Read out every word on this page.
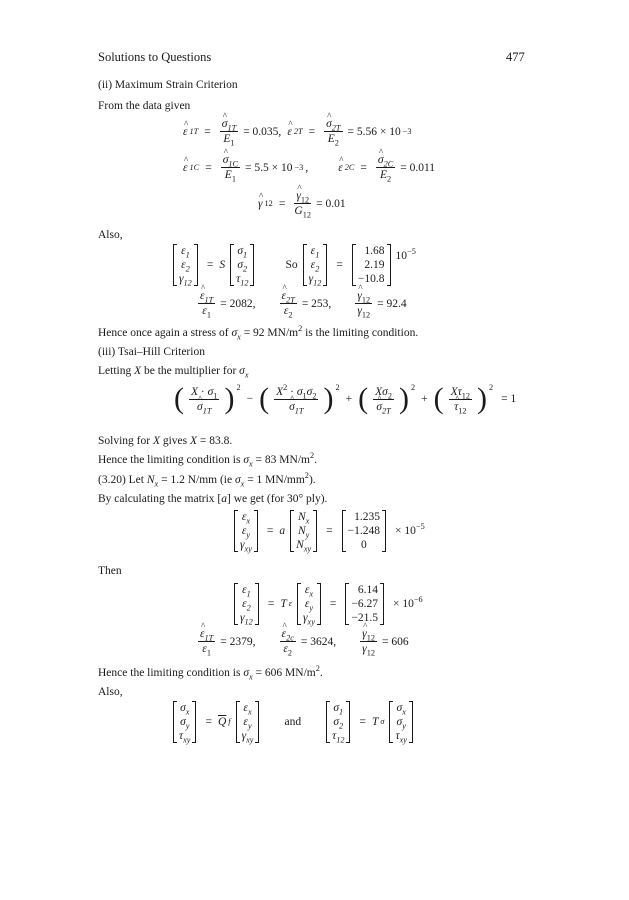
Solutions to Questions	477
(ii) Maximum Strain Criterion
From the data given
^ ε 1T = ^ $\frac{\sigma_{1T}}{E_1} = 0.035$, ^ ε 2T = ^ $\frac{\sigma_{2T}}{E_2} = 5.56 \times 10 -3$
^ ε 1C = ^ $\frac{\sigma_{1C}}{E_1} = 5.5 \times 10 -3$ ,	^ ε 2C = ^ $\frac{\sigma_{2C}}{E_2} = 0.011$
^ γ 12 = ^ $\frac{\gamma_{12}}{G_{12}} = 0.01$
Also,
$\varepsilon_1$
$\varepsilon_2$
$\gamma_{12}$
= S
$\sigma_1$
$\sigma_2$
$\tau_{12}$
So
$\varepsilon_1$
$\varepsilon_2$
$\gamma_{12}$
=
1.68
2.19
−10.8
$10^{-5}$
^ $\frac{\varepsilon_{1T}}{\varepsilon_1} = 2082$, ^ $\frac{\varepsilon_{2T}}{\varepsilon_2} = 253$, ^ $\frac{\gamma_{12}}{\gamma_{12}} = 92.4$
Hence once again a stress of $\sigma_x = 92$ $MN/m^2$ is the limiting condition.
(iii) Tsai–Hill Criterion
Letting X be the multiplier for $\sigma_x$
( $X \cdot \sigma_1$
^ $\sigma_{1T}$ ) 2
− ( $X^2 \cdot \sigma_1\sigma_2$
^ $\sigma_{1T}$ ) 2
+ ( $X\sigma_2$
^ $\sigma_{2T}$ ) 2
+ ( $X\tau_{12}$
^ $\tau_{12}$ ) 2
= 1
Solving for X gives X = 83.8.
Hence the limiting condition is $\sigma_x = 83$ $MN/m^2$.
(3.20) Let $N_x = 1.2$ N/mm (ie $\sigma_x = 1$ $MN/mm^2$).
By calculating the matrix [a] we get (for 30° ply).
$\varepsilon_x$
$\varepsilon_y$
$\gamma_{xy}$
= a
$N_x$
$N_y$
$N_{xy}$
=
1.235
−1.248
0
× $10^{-5}$
Then
$\varepsilon_1$
$\varepsilon_2$
$\gamma_{12}$
= T ε
$\varepsilon_x$
$\varepsilon_y$
$\gamma_{xy}$
=
6.14
−6.27
−21.5
× $10^{-6}$
^ $\frac{\varepsilon_{1T}}{\varepsilon_1} = 2379$, ^ $\frac{\varepsilon_{2c}}{\varepsilon_2} = 3624$, ^ $\frac{\gamma_{12}}{\gamma_{12}} = 606$
Hence the limiting condition is $\sigma_x = 606$ $MN/m^2$.
Also,
$\sigma_x$
$\sigma_y$
$\tau_{xy}$
= $\overline{Q}$ f
$\varepsilon_x$
$\varepsilon_y$
$\gamma_{xy}$
and
$\sigma_1$
$\sigma_2$
$\tau_{12}$
= T σ
$\sigma_x$
$\sigma_y$
$\tau_{xy}$
